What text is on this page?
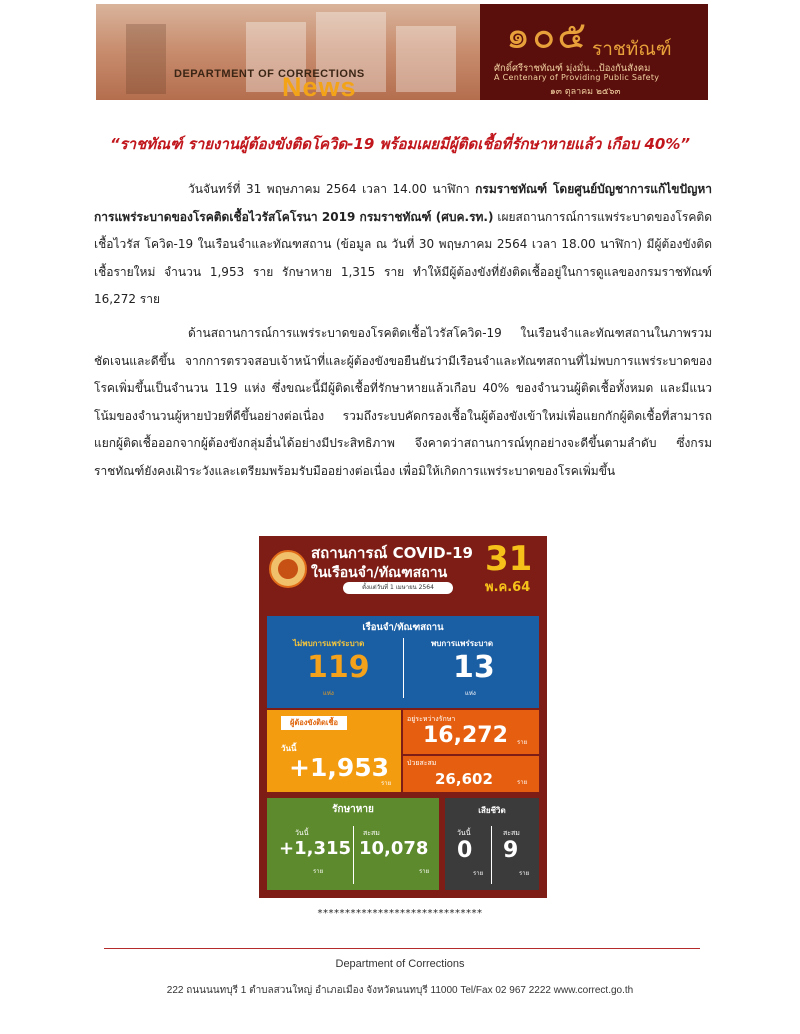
DEPARTMENT OF CORRECTIONS
News
๑๐๕ ราชทัณฑ์
ศักดิ์ศรีราชทัณฑ์ มุ่งมั่น...ป้องกันสังคม
A Centenary of Providing Public Safety
๑๓ ตุลาคม ๒๕๖๓
“ราชทัณฑ์ รายงานผู้ต้องขังติดโควิด-19 พร้อมเผยมีผู้ติดเชื้อที่รักษาหายแล้ว เกือบ 40%”
วันจันทร์ที่ 31 พฤษภาคม 2564 เวลา 14.00 นาฬิกา กรมราชทัณฑ์ โดยศูนย์บัญชาการแก้ไขปัญหาการแพร่ระบาดของโรคติดเชื้อไวรัสโคโรนา 2019 กรมราชทัณฑ์ (ศบค.รท.) เผยสถานการณ์การแพร่ระบาดของโรคติดเชื้อไวรัส โควิด-19 ในเรือนจำและทัณฑสถาน (ข้อมูล ณ วันที่ 30 พฤษภาคม 2564 เวลา 18.00 นาฬิกา) มีผู้ต้องขังติดเชื้อรายใหม่ จำนวน 1,953 ราย รักษาหาย 1,315 ราย ทำให้มีผู้ต้องขังที่ยังติดเชื้ออยู่ในการดูแลของกรมราชทัณฑ์ 16,272 ราย
ด้านสถานการณ์การแพร่ระบาดของโรคติดเชื้อไวรัสโควิด-19 ในเรือนจำและทัณฑสถานในภาพรวมชัดเจนและดีขึ้น จากการตรวจสอบเจ้าหน้าที่และผู้ต้องขังขอยืนยันว่ามีเรือนจำและทัณฑสถานที่ไม่พบการแพร่ระบาดของโรคเพิ่มขึ้นเป็นจำนวน 119 แห่ง ซึ่งขณะนี้มีผู้ติดเชื้อที่รักษาหายแล้วเกือบ 40% ของจำนวนผู้ติดเชื้อทั้งหมด และมีแนวโน้มของจำนวนผู้หายป่วยที่ดีขึ้นอย่างต่อเนื่อง รวมถึงระบบคัดกรองเชื้อในผู้ต้องขังเข้าใหม่เพื่อแยกกักผู้ติดเชื้อที่สามารถแยกผู้ติดเชื้อออกจากผู้ต้องขังกลุ่มอื่นได้อย่างมีประสิทธิภาพ จึงคาดว่าสถานการณ์ทุกอย่างจะดีขึ้นตามลำดับ ซึ่งกรมราชทัณฑ์ยังคงเฝ้าระวังและเตรียมพร้อมรับมืออย่างต่อเนื่อง เพื่อมิให้เกิดการแพร่ระบาดของโรคเพิ่มขึ้น
สถานการณ์ COVID-19
ในเรือนจำ/ทัณฑสถาน
ตั้งแต่วันที่ 1 เมษายน 2564
31
พ.ค.64
เรือนจำ/ทัณฑสถาน
ไม่พบการแพร่ระบาด
119
แห่ง
พบการแพร่ระบาด
13
แห่ง
ผู้ต้องขังติดเชื้อ
วันนี้
+1,953
ราย
อยู่ระหว่างรักษา
16,272 ราย
ป่วยสะสม
26,602	ราย
รักษาหาย
วันนี้
+1,315
ราย
สะสม
10,078
ราย
เสียชีวิต
วันนี้
0
ราย
สะสม
9
ราย
******************************
Department of Corrections
222 ถนนนนทบุรี 1 ตำบลสวนใหญ่ อำเภอเมือง จังหวัดนนทบุรี 11000 Tel/Fax 02 967 2222 www.correct.go.th
